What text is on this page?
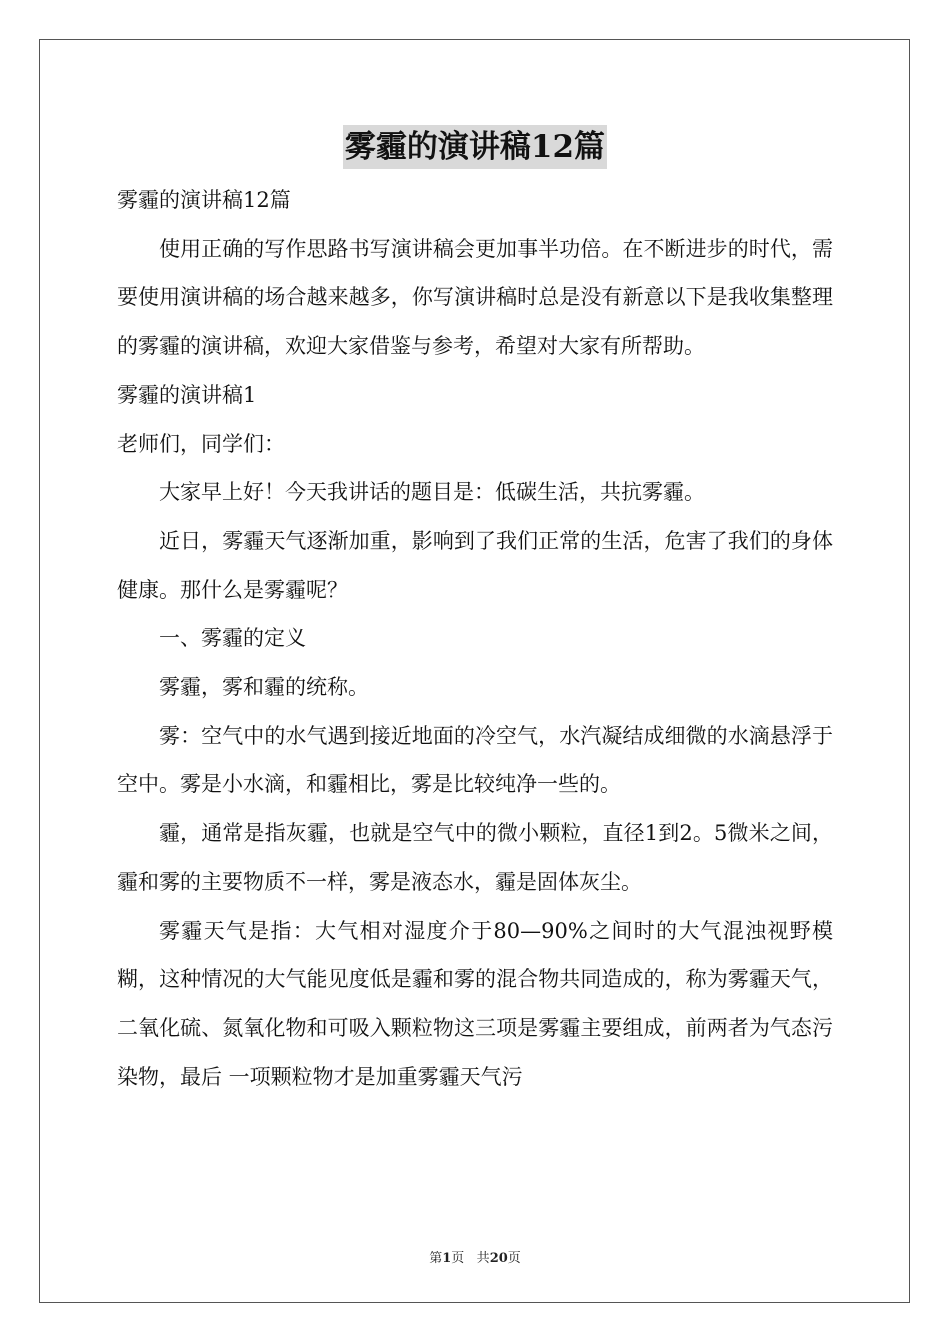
雾霾的演讲稿12篇

雾霾的演讲稿12篇

使用正确的写作思路书写演讲稿会更加事半功倍。在不断进步的时代，需要使用演讲稿的场合越来越多，你写演讲稿时总是没有新意以下是我收集整理的雾霾的演讲稿，欢迎大家借鉴与参考，希望对大家有所帮助。

雾霾的演讲稿1

老师们，同学们：

大家早上好！今天我讲话的题目是：低碳生活，共抗雾霾。

近日，雾霾天气逐渐加重，影响到了我们正常的生活，危害了我们的身体健康。那什么是雾霾呢？

一、雾霾的定义

雾霾，雾和霾的统称。

雾：空气中的水气遇到接近地面的冷空气，水汽凝结成细微的水滴悬浮于空中。雾是小水滴，和霾相比，雾是比较纯净一些的。

霾，通常是指灰霾，也就是空气中的微小颗粒，直径1到2。5微米之间，霾和雾的主要物质不一样，雾是液态水，霾是固体灰尘。

雾霾天气是指：大气相对湿度介于80—90%之间时的大气混浊视野模糊，这种情况的大气能见度低是霾和雾的混合物共同造成的，称为雾霾天气，二氧化硫、氮氧化物和可吸入颗粒物这三项是雾霾主要组成，前两者为气态污染物，最后 一项颗粒物才是加重雾霾天气污

第1页 共20页
